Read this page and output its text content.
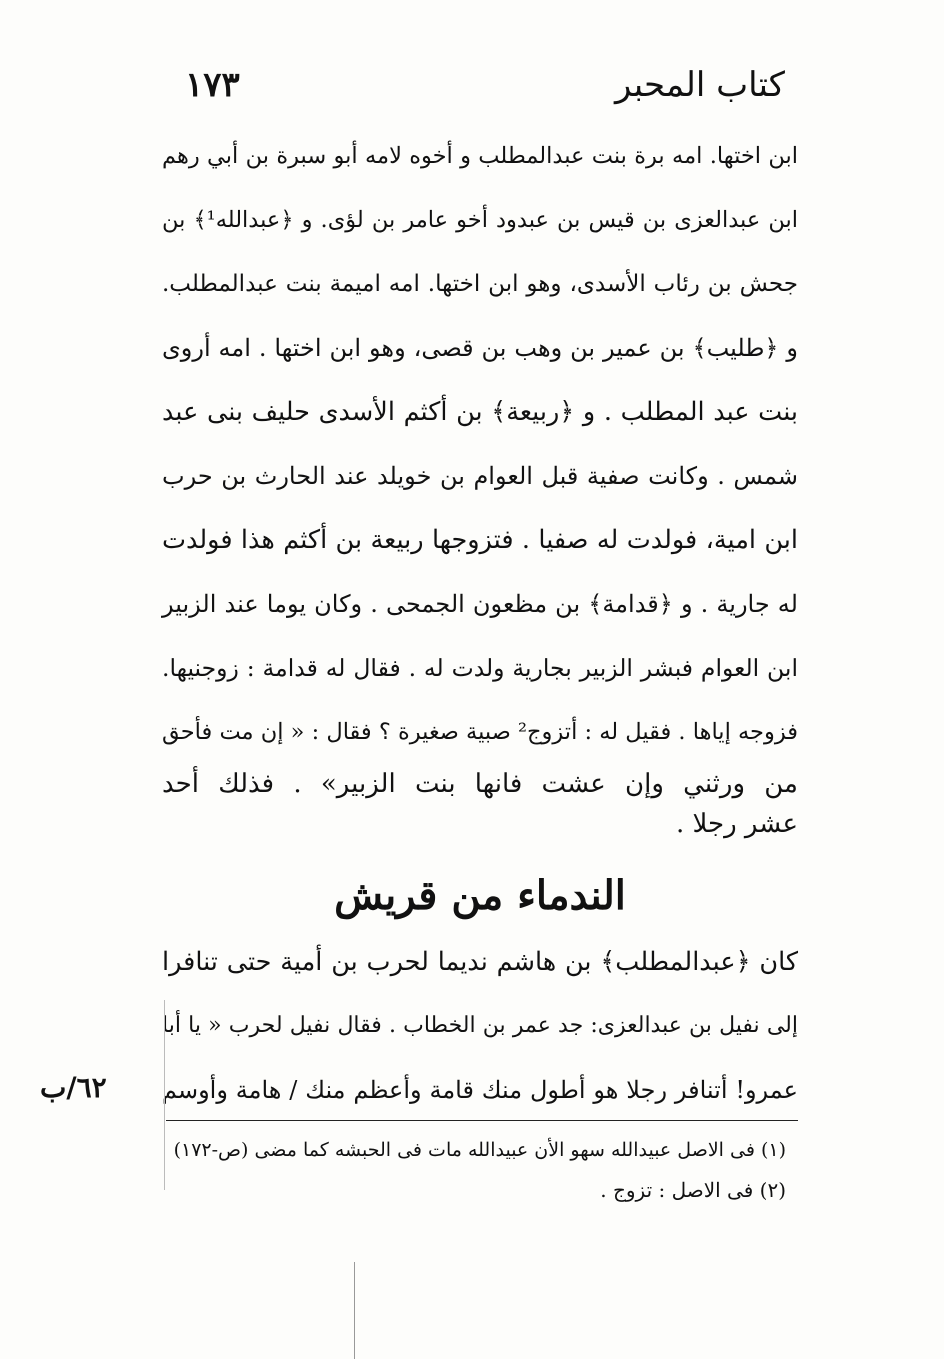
كتاب المحبر
١٧٣
ابن اختها. امه برة بنت عبدالمطلب و أخوه لامه أبو سبرة بن أبي رهم
ابن عبدالعزى بن قيس بن عبدود أخو عامر بن لؤى. و ﴿عبدالله¹﴾ بن
جحش بن رئاب الأسدى، وهو ابن اختها. امه اميمة بنت عبدالمطلب.
و ﴿طليب﴾ بن عمير بن وهب بن قصى، وهو ابن اختها . امه أروى
بنت عبد المطلب . و ﴿ربيعة﴾ بن أكثم الأسدى حليف بنى عبد
شمس . وكانت صفية قبل العوام بن خويلد عند الحارث بن حرب
ابن امية، فولدت له صفيا . فتزوجها ربيعة بن أكثم هذا فولدت
له جارية . و ﴿قدامة﴾ بن مظعون الجمحى . وكان يوما عند الزبير
ابن العوام فبشر الزبير بجارية ولدت له . فقال له قدامة : زوجنيها.
فزوجه إياها . فقيل له : أتزوج² صبية صغيرة ؟ فقال : « إن مت فأحق
من ورثني وإن عشت فانها بنت الزبير» . فذلك أحد
عشر رجلا .
الندماء من قريش
كان ﴿عبدالمطلب﴾ بن هاشم نديما لحرب بن أمية حتى تنافرا
إلى نفيل بن عبدالعزى: جد عمر بن الخطاب . فقال نفيل لحرب « يا أبا
عمرو! أتنافر رجلا هو أطول منك قامة وأعظم منك / هامة وأوسم
٦٢/ب
(١) فى الاصل عبيدالله سهو الأن عبيدالله مات فى الحبشه كما مضى (ص-١٧٢)
(٢) فى الاصل : تزوج .
